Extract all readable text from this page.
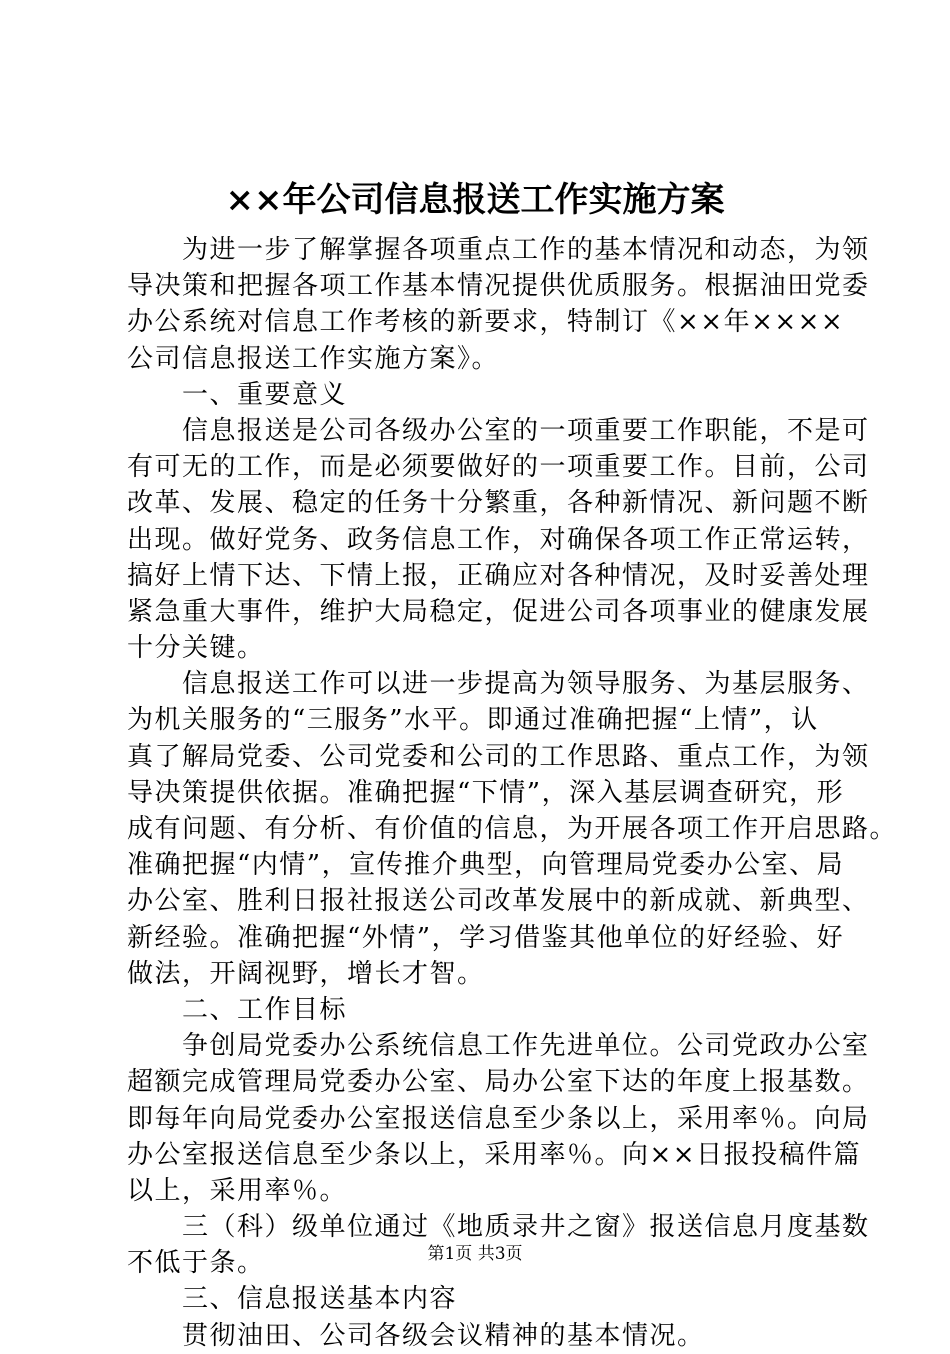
××年公司信息报送工作实施方案
为进一步了解掌握各项重点工作的基本情况和动态，为领
导决策和把握各项工作基本情况提供优质服务。根据油田党委
办公系统对信息工作考核的新要求，特制订《××年××××
公司信息报送工作实施方案》。
一、重要意义
信息报送是公司各级办公室的一项重要工作职能，不是可
有可无的工作，而是必须要做好的一项重要工作。目前，公司
改革、发展、稳定的任务十分繁重，各种新情况、新问题不断
出现。做好党务、政务信息工作，对确保各项工作正常运转，
搞好上情下达、下情上报，正确应对各种情况，及时妥善处理
紧急重大事件，维护大局稳定，促进公司各项事业的健康发展
十分关键。
信息报送工作可以进一步提高为领导服务、为基层服务、
为机关服务的“三服务”水平。即通过准确把握“上情”，认
真了解局党委、公司党委和公司的工作思路、重点工作，为领
导决策提供依据。准确把握“下情”，深入基层调查研究，形
成有问题、有分析、有价值的信息，为开展各项工作开启思路。
准确把握“内情”，宣传推介典型，向管理局党委办公室、局
办公室、胜利日报社报送公司改革发展中的新成就、新典型、
新经验。准确把握“外情”，学习借鉴其他单位的好经验、好
做法，开阔视野，增长才智。
二、工作目标
争创局党委办公系统信息工作先进单位。公司党政办公室
超额完成管理局党委办公室、局办公室下达的年度上报基数。
即每年向局党委办公室报送信息至少条以上，采用率％。向局
办公室报送信息至少条以上，采用率％。向××日报投稿件篇
以上，采用率％。
三（科）级单位通过《地质录井之窗》报送信息月度基数
不低于条。
三、信息报送基本内容
贯彻油田、公司各级会议精神的基本情况。
第1页 共3页
